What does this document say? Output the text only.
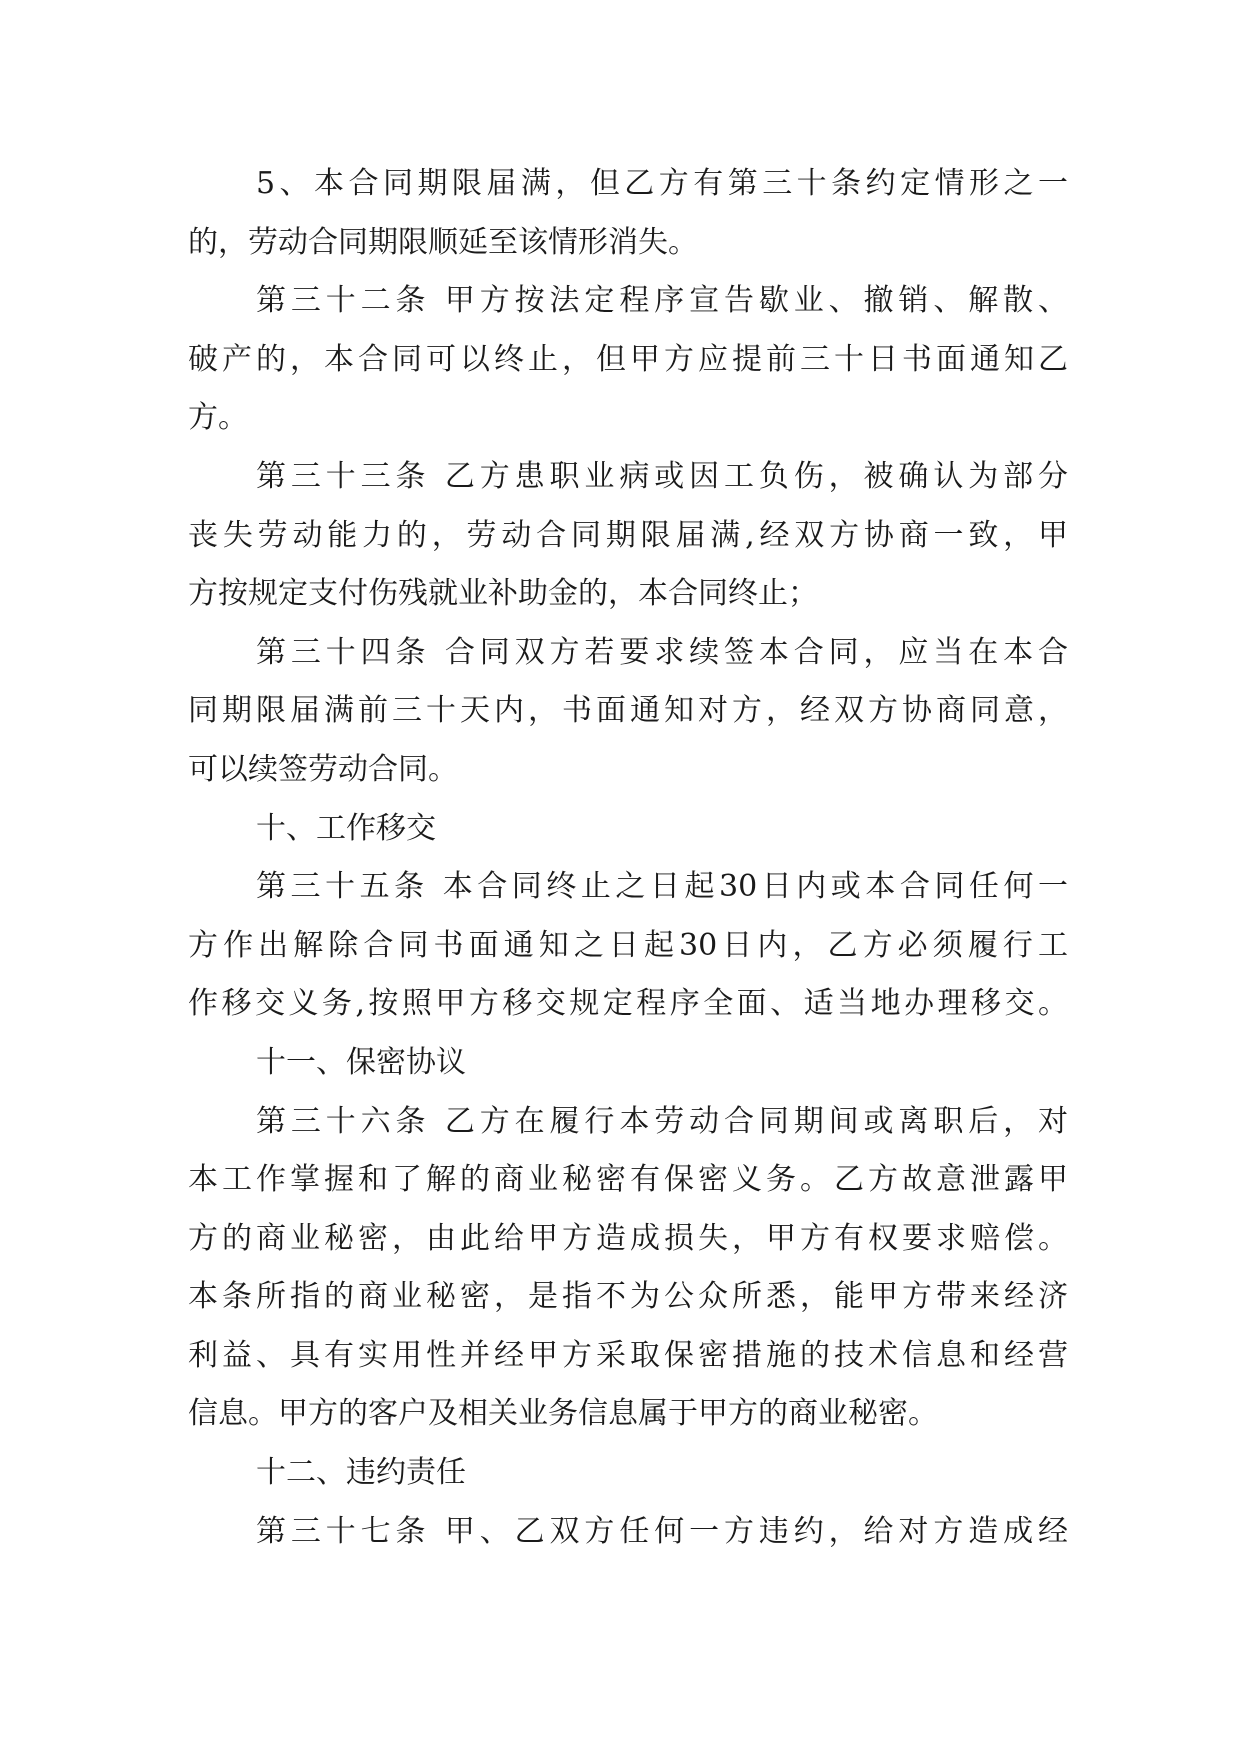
5、本合同期限届满，但乙方有第三十条约定情形之一
的，劳动合同期限顺延至该情形消失。
第三十二条 甲方按法定程序宣告歇业、撤销、解散、
破产的，本合同可以终止，但甲方应提前三十日书面通知乙
方。
第三十三条 乙方患职业病或因工负伤，被确认为部分
丧失劳动能力的，劳动合同期限届满,经双方协商一致，甲
方按规定支付伤残就业补助金的，本合同终止；
第三十四条 合同双方若要求续签本合同，应当在本合
同期限届满前三十天内，书面通知对方，经双方协商同意，
可以续签劳动合同。
十、工作移交
第三十五条 本合同终止之日起30日内或本合同任何一
方作出解除合同书面通知之日起30日内，乙方必须履行工
作移交义务,按照甲方移交规定程序全面、适当地办理移交。
十一、保密协议
第三十六条 乙方在履行本劳动合同期间或离职后，对
本工作掌握和了解的商业秘密有保密义务。乙方故意泄露甲
方的商业秘密，由此给甲方造成损失，甲方有权要求赔偿。
本条所指的商业秘密，是指不为公众所悉，能甲方带来经济
利益、具有实用性并经甲方采取保密措施的技术信息和经营
信息。甲方的客户及相关业务信息属于甲方的商业秘密。
十二、违约责任
第三十七条 甲、乙双方任何一方违约，给对方造成经
